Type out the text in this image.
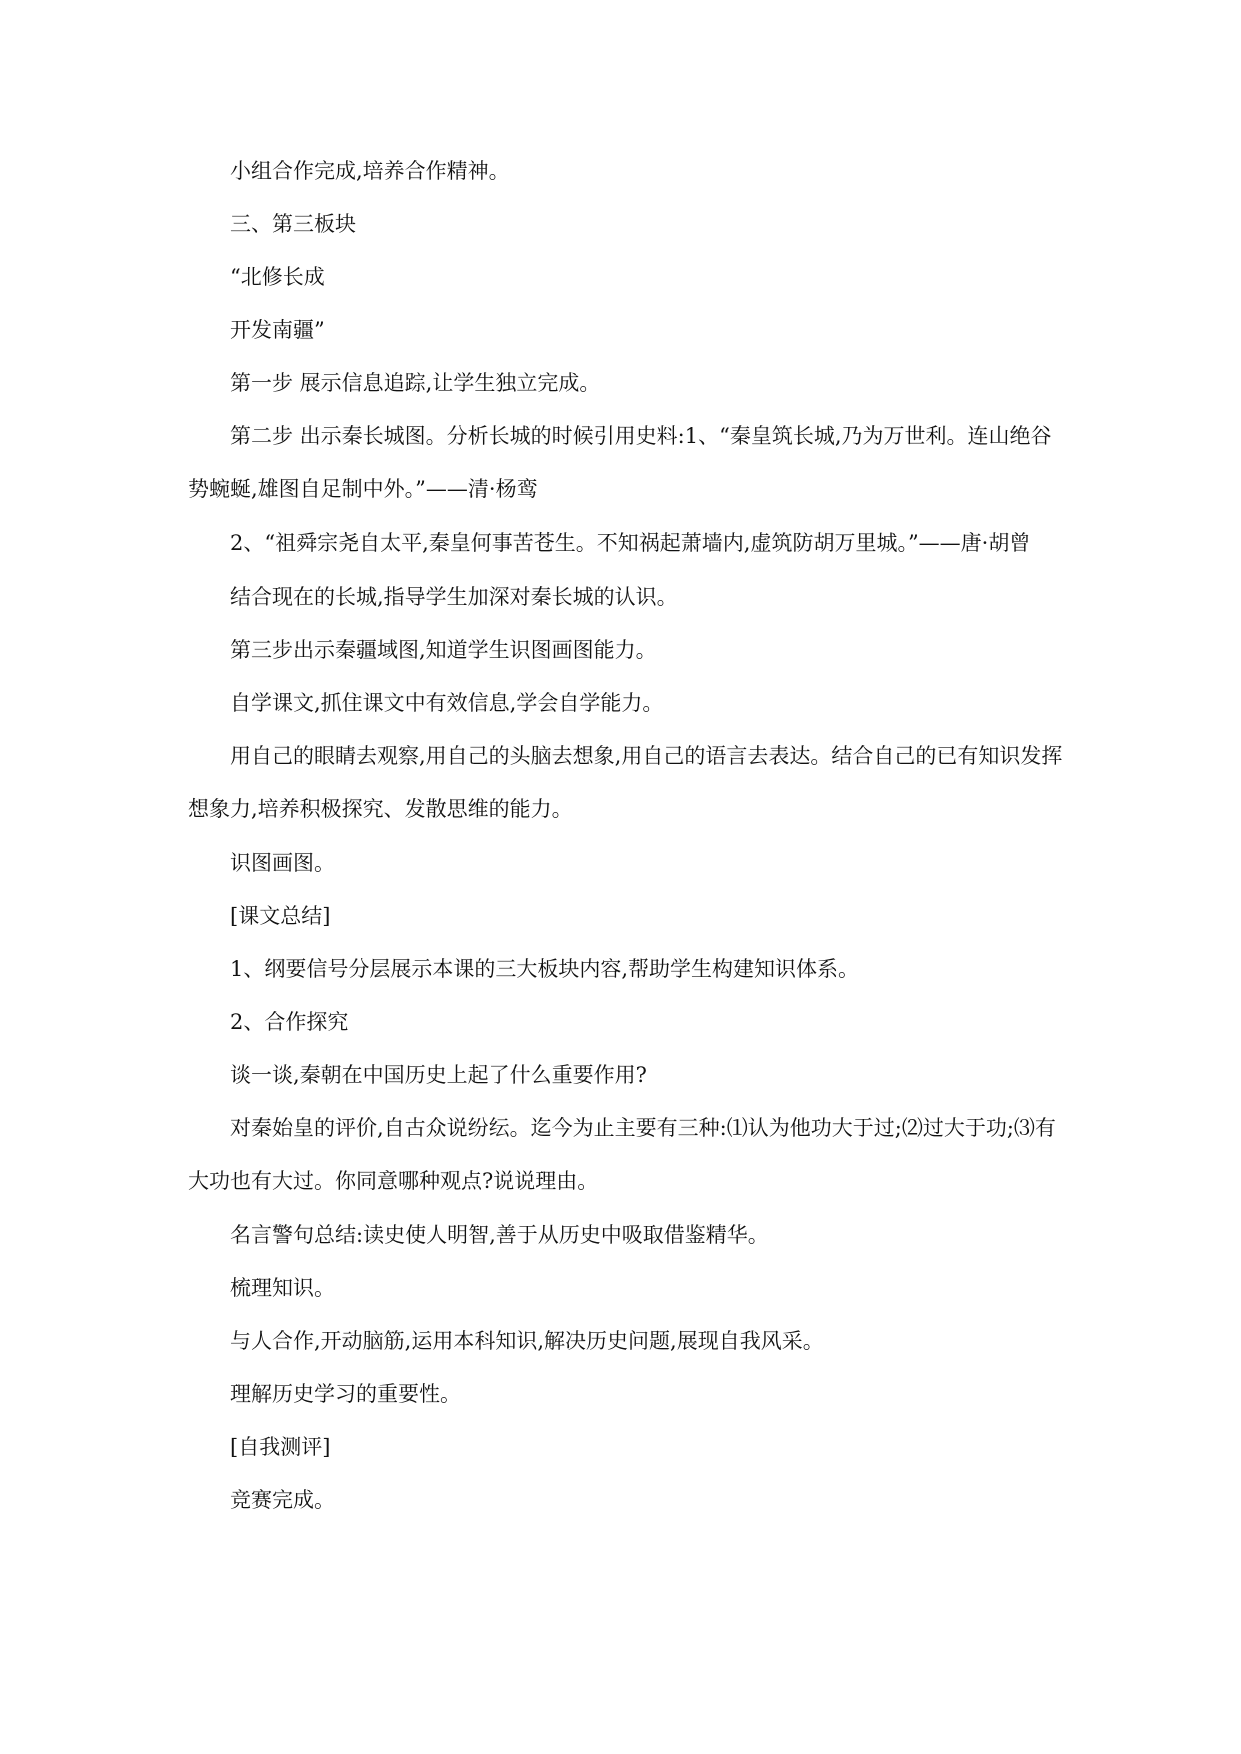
小组合作完成,培养合作精神。

三、第三板块

“北修长成

开发南疆”

第一步 展示信息追踪,让学生独立完成。

第二步 出示秦长城图。分析长城的时候引用史料:1、“秦皇筑长城,乃为万世利。连山绝谷势蜿蜒,雄图自足制中外。”——清·杨鸾

2、“祖舜宗尧自太平,秦皇何事苦苍生。不知祸起萧墙内,虚筑防胡万里城。”——唐·胡曾

结合现在的长城,指导学生加深对秦长城的认识。

第三步出示秦疆域图,知道学生识图画图能力。

自学课文,抓住课文中有效信息,学会自学能力。

用自己的眼睛去观察,用自己的头脑去想象,用自己的语言去表达。结合自己的已有知识发挥想象力,培养积极探究、发散思维的能力。

识图画图。

[课文总结]

1、纲要信号分层展示本课的三大板块内容,帮助学生构建知识体系。

2、合作探究

谈一谈,秦朝在中国历史上起了什么重要作用?

对秦始皇的评价,自古众说纷纭。迄今为止主要有三种:⑴认为他功大于过;⑵过大于功;⑶有大功也有大过。你同意哪种观点?说说理由。

名言警句总结:读史使人明智,善于从历史中吸取借鉴精华。

梳理知识。

与人合作,开动脑筋,运用本科知识,解决历史问题,展现自我风采。

理解历史学习的重要性。

[自我测评]

竞赛完成。
